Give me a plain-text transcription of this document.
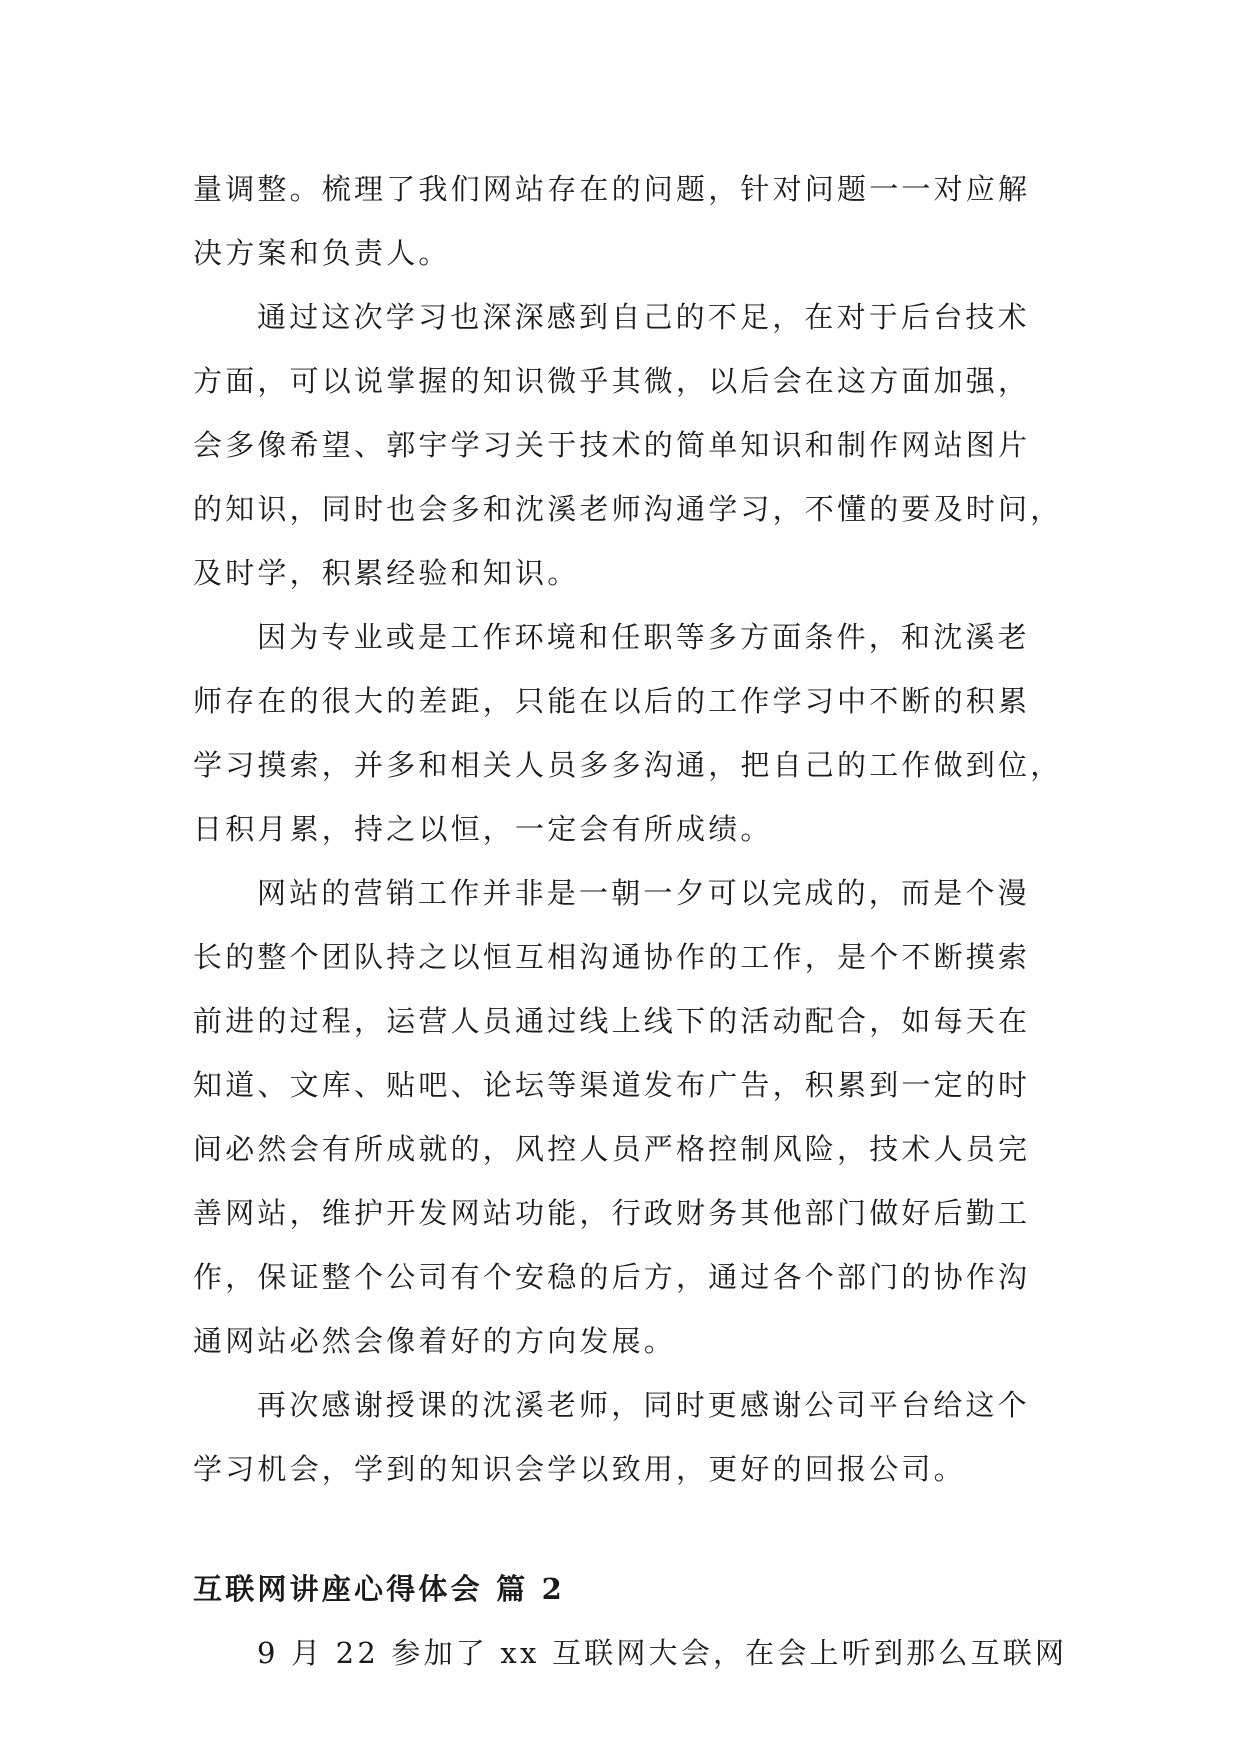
量调整。梳理了我们网站存在的问题，针对问题一一对应解
决方案和负责人。

通过这次学习也深深感到自己的不足，在对于后台技术
方面，可以说掌握的知识微乎其微，以后会在这方面加强，
会多像希望、郭宇学习关于技术的简单知识和制作网站图片
的知识，同时也会多和沈溪老师沟通学习，不懂的要及时问，
及时学，积累经验和知识。

因为专业或是工作环境和任职等多方面条件，和沈溪老
师存在的很大的差距，只能在以后的工作学习中不断的积累
学习摸索，并多和相关人员多多沟通，把自己的工作做到位，
日积月累，持之以恒，一定会有所成绩。

网站的营销工作并非是一朝一夕可以完成的，而是个漫
长的整个团队持之以恒互相沟通协作的工作，是个不断摸索
前进的过程，运营人员通过线上线下的活动配合，如每天在
知道、文库、贴吧、论坛等渠道发布广告，积累到一定的时
间必然会有所成就的，风控人员严格控制风险，技术人员完
善网站，维护开发网站功能，行政财务其他部门做好后勤工
作，保证整个公司有个安稳的后方，通过各个部门的协作沟
通网站必然会像着好的方向发展。

再次感谢授课的沈溪老师，同时更感谢公司平台给这个
学习机会，学到的知识会学以致用，更好的回报公司。

互联网讲座心得体会 篇 2

9 月 22 参加了 xx 互联网大会，在会上听到那么互联网
